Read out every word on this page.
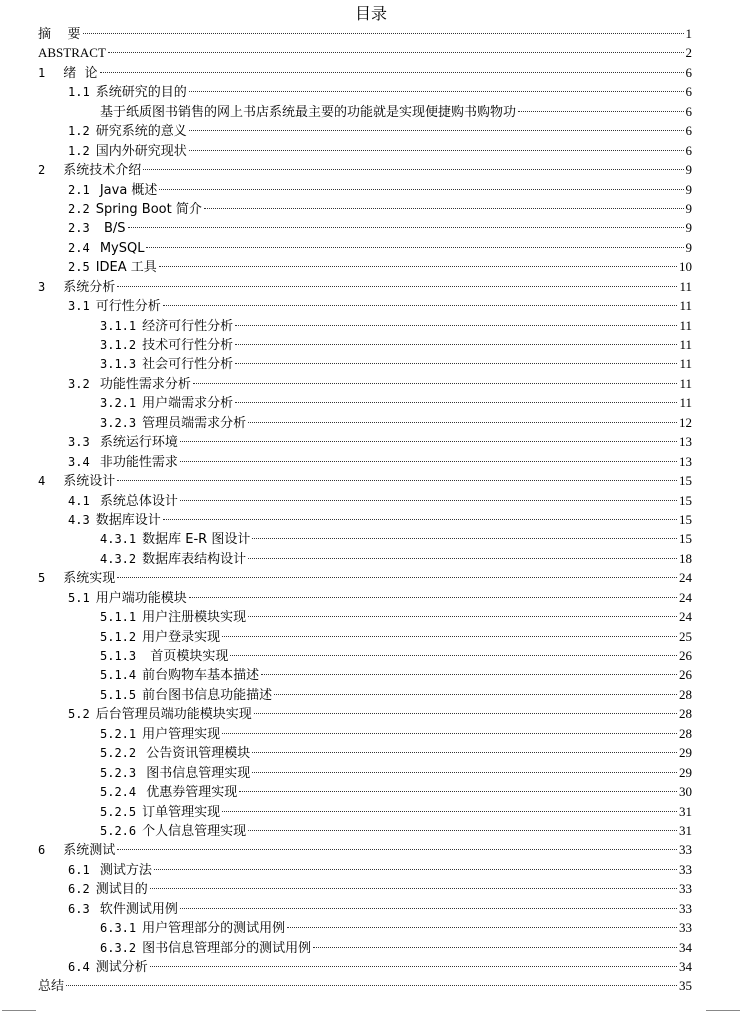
目录
摘    要	1
ABSTRACT	2
1 绪  论	6
1.1 系统研究的目的	6
基于纸质图书销售的网上书店系统最主要的功能就是实现便捷购书购物功	6
1.2 研究系统的意义	6
1.2 国内外研究现状	6
2 系统技术介绍	9
2.1 Java 概述	9
2.2 Spring Boot 简介	9
2.3 B/S	9
2.4 MySQL	9
2.5 IDEA 工具	10
3 系统分析	11
3.1 可行性分析	11
3.1.1 经济可行性分析	11
3.1.2 技术可行性分析	11
3.1.3 社会可行性分析	11
3.2 功能性需求分析	11
3.2.1 用户端需求分析	11
3.2.3 管理员端需求分析	12
3.3 系统运行环境	13
3.4 非功能性需求	13
4 系统设计	15
4.1 系统总体设计	15
4.3 数据库设计	15
4.3.1 数据库 E-R 图设计	15
4.3.2 数据库表结构设计	18
5 系统实现	24
5.1 用户端功能模块	24
5.1.1 用户注册模块实现	24
5.1.2 用户登录实现	25
5.1.3 首页模块实现	26
5.1.4 前台购物车基本描述	26
5.1.5 前台图书信息功能描述	28
5.2 后台管理员端功能模块实现	28
5.2.1 用户管理实现	28
5.2.2 公告资讯管理模块	29
5.2.3 图书信息管理实现	29
5.2.4 优惠券管理实现	30
5.2.5 订单管理实现	31
5.2.6 个人信息管理实现	31
6 系统测试	33
6.1 测试方法	33
6.2 测试目的	33
6.3 软件测试用例	33
6.3.1 用户管理部分的测试用例	33
6.3.2 图书信息管理部分的测试用例	34
6.4 测试分析	34
总结	35
